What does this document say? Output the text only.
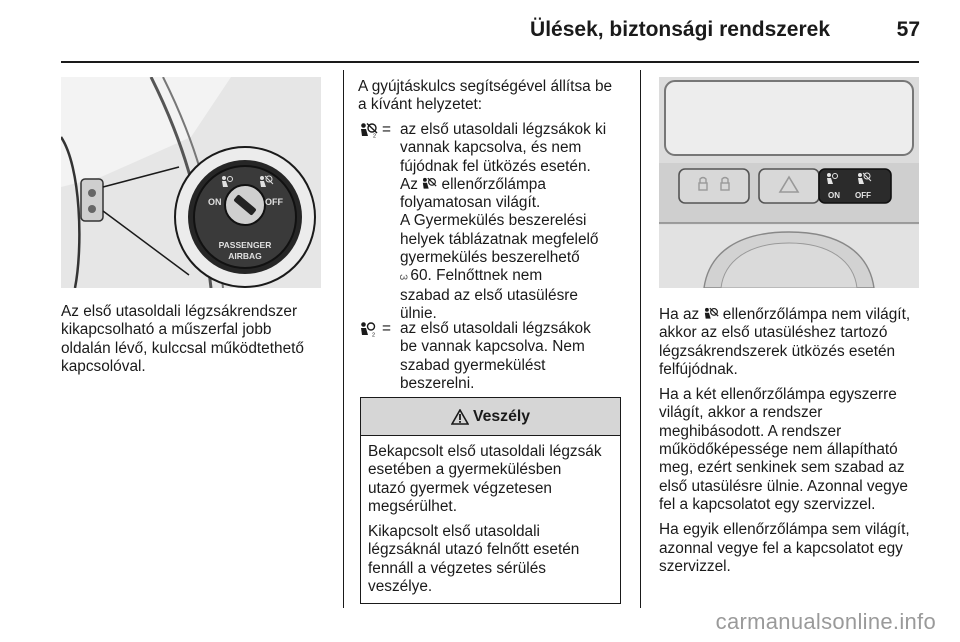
Ülések, biztonsági rendszerek	57
ON	OFF
PASSENGER
AIRBAG
Az első utasoldali légzsákrendszer
kikapcsolható a műszerfal jobb
oldalán lévő, kulccsal működtethető
kapcsolóval.
A gyújtáskulcs segítségével állítsa be
a kívánt helyzetet:
2 = az első utasoldali légzsákok ki

vannak kapcsolva, és nem

fújódnak fel ütközés esetén.

Az ellenőrzőlámpa

folyamatosan világít.

A Gyermekülés beszerelési

helyek táblázatnak megfelelő

gyermekülés beszerelhető

3 60. Felnőttnek nem

szabad az első utasülésre

ülnie.

2 = az első utasoldali légzsákok

be vannak kapcsolva. Nem

szabad gyermekülést

beszerelni.

Veszély

Bekapcsolt első utasoldali légzsák
esetében a gyermekülésben
utazó gyermek végzetesen
megsérülhet.

Kikapcsolt első utasoldali
légzsáknál utazó felnőtt esetén
fennáll a végzetes sérülés
veszélye.

ON OFF

Ha az ellenőrzőlámpa nem világít,
akkor az első utasüléshez tartozó
légzsákrendszerek ütközés esetén
felfújódnak.

Ha a két ellenőrzőlámpa egyszerre
világít, akkor a rendszer
meghibásodott. A rendszer
működőképessége nem állapítható
meg, ezért senkinek sem szabad az
első utasülésre ülnie. Azonnal vegye
fel a kapcsolatot egy szervizzel.

Ha egyik ellenőrzőlámpa sem világít,
azonnal vegye fel a kapcsolatot egy
szervizzel.

carmanualsonline.info
